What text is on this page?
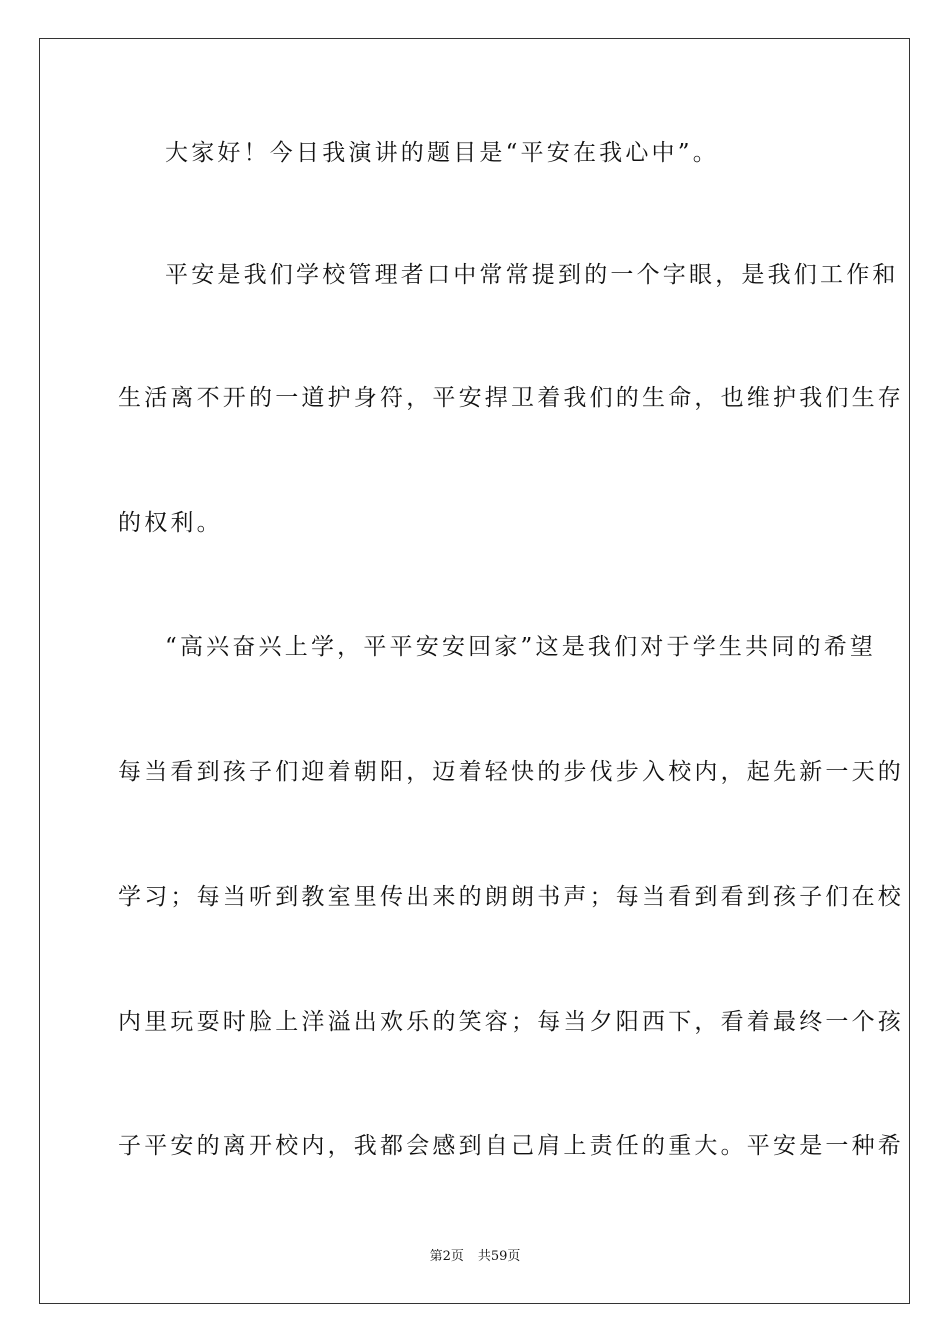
大家好！今日我演讲的题目是“平安在我心中”。
平安是我们学校管理者口中常常提到的一个字眼，是我们工作和
生活离不开的一道护身符，平安捍卫着我们的生命，也维护我们生存
的权利。
“高兴奋兴上学，平平安安回家”这是我们对于学生共同的希望
每当看到孩子们迎着朝阳，迈着轻快的步伐步入校内，起先新一天的
学习；每当听到教室里传出来的朗朗书声；每当看到看到孩子们在校
内里玩耍时脸上洋溢出欢乐的笑容；每当夕阳西下，看着最终一个孩
子平安的离开校内，我都会感到自己肩上责任的重大。平安是一种希
第2页 共59页
